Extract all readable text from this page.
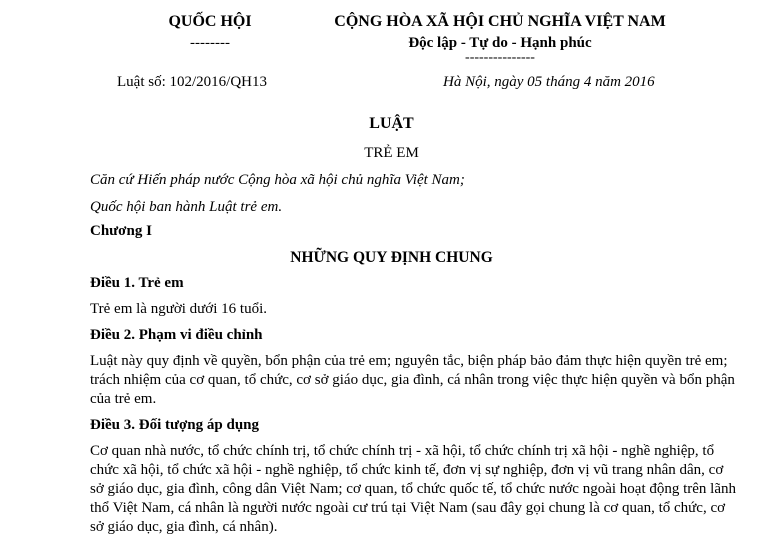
QUỐC HỘI
--------
CỘNG HÒA XÃ HỘI CHỦ NGHĨA VIỆT NAM
Độc lập - Tự do - Hạnh phúc
---------------
Luật số: 102/2016/QH13	Hà Nội, ngày 05 tháng 4 năm 2016
LUẬT
TRẺ EM
Căn cứ Hiến pháp nước Cộng hòa xã hội chủ nghĩa Việt Nam;
Quốc hội ban hành Luật trẻ em.
Chương I
NHỮNG QUY ĐỊNH CHUNG
Điều 1. Trẻ em
Trẻ em là người dưới 16 tuổi.
Điều 2. Phạm vi điều chỉnh
Luật này quy định về quyền, bổn phận của trẻ em; nguyên tắc, biện pháp bảo đảm thực hiện quyền trẻ em; trách nhiệm của cơ quan, tổ chức, cơ sở giáo dục, gia đình, cá nhân trong việc thực hiện quyền và bổn phận của trẻ em.
Điều 3. Đối tượng áp dụng
Cơ quan nhà nước, tổ chức chính trị, tổ chức chính trị - xã hội, tổ chức chính trị xã hội - nghề nghiệp, tổ chức xã hội, tổ chức xã hội - nghề nghiệp, tổ chức kinh tế, đơn vị sự nghiệp, đơn vị vũ trang nhân dân, cơ sở giáo dục, gia đình, công dân Việt Nam; cơ quan, tổ chức quốc tế, tổ chức nước ngoài hoạt động trên lãnh thổ Việt Nam, cá nhân là người nước ngoài cư trú tại Việt Nam (sau đây gọi chung là cơ quan, tổ chức, cơ sở giáo dục, gia đình, cá nhân).
